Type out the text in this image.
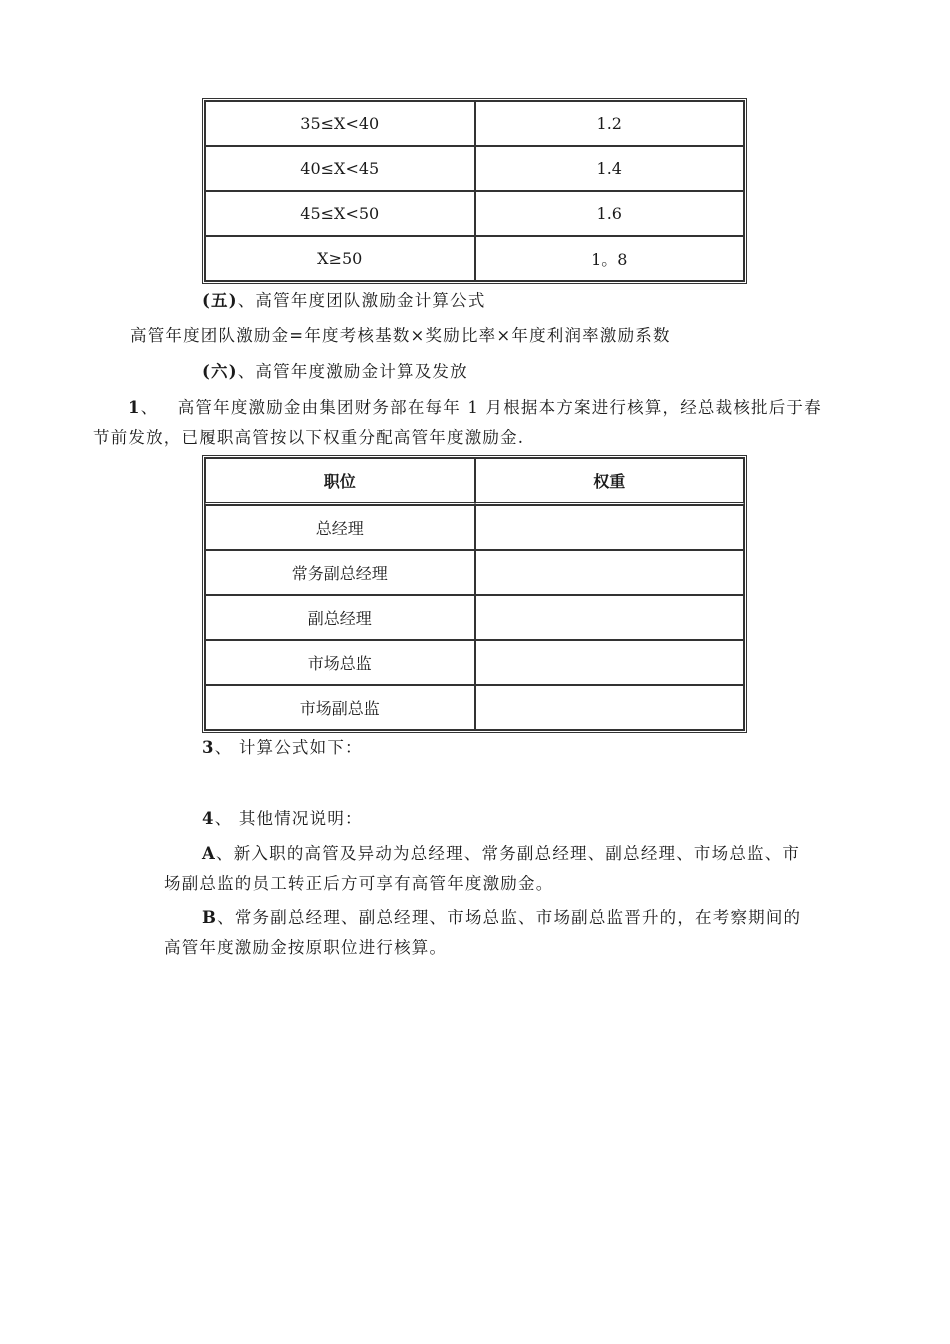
35≤X<40	1.2
40≤X<45	1.4
45≤X<50	1.6
X≥50	1。8
(五)、高管年度团队激励金计算公式
高管年度团队激励金=年度考核基数×奖励比率×年度利润率激励系数
(六)、高管年度激励金计算及发放
1、 高管年度激励金由集团财务部在每年 1 月根据本方案进行核算，经总裁核批后于春
节前发放，已履职高管按以下权重分配高管年度激励金.
职位	权重
总经理	
常务副总经理	
副总经理	
市场总监	
市场副总监	
3、 计算公式如下：
4、 其他情况说明：
A、新入职的高管及异动为总经理、常务副总经理、副总经理、市场总监、市
场副总监的员工转正后方可享有高管年度激励金。
B、常务副总经理、副总经理、市场总监、市场副总监晋升的，在考察期间的
高管年度激励金按原职位进行核算。
